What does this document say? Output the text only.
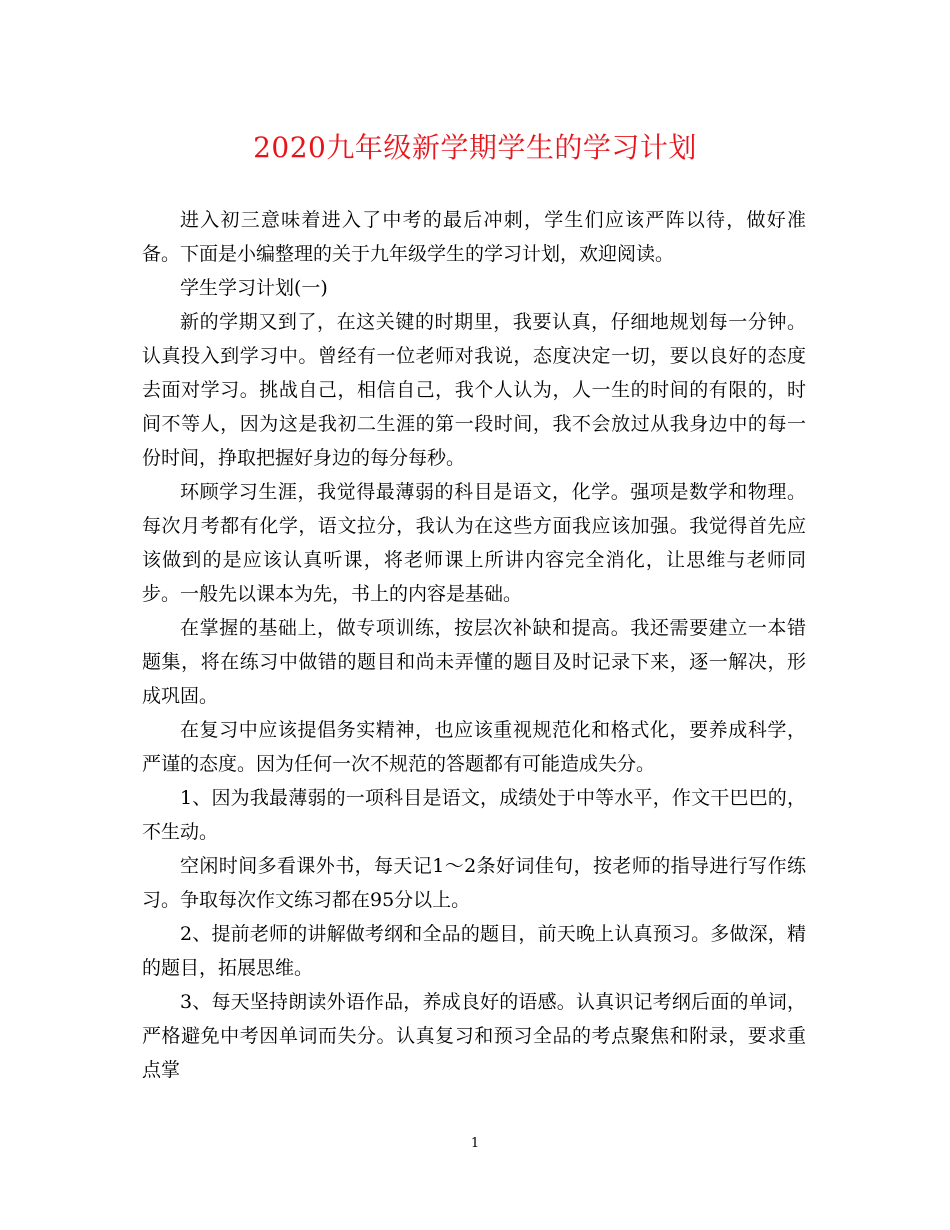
2020九年级新学期学生的学习计划

进入初三意味着进入了中考的最后冲刺，学生们应该严阵以待，做好准备。下面是小编整理的关于九年级学生的学习计划，欢迎阅读。

学生学习计划(一)

新的学期又到了，在这关键的时期里，我要认真，仔细地规划每一分钟。认真投入到学习中。曾经有一位老师对我说，态度决定一切，要以良好的态度去面对学习。挑战自己，相信自己，我个人认为，人一生的时间的有限的，时间不等人，因为这是我初二生涯的第一段时间，我不会放过从我身边中的每一份时间，挣取把握好身边的每分每秒。

环顾学习生涯，我觉得最薄弱的科目是语文，化学。强项是数学和物理。每次月考都有化学，语文拉分，我认为在这些方面我应该加强。我觉得首先应该做到的是应该认真听课，将老师课上所讲内容完全消化，让思维与老师同步。一般先以课本为先，书上的内容是基础。

在掌握的基础上，做专项训练，按层次补缺和提高。我还需要建立一本错题集，将在练习中做错的题目和尚未弄懂的题目及时记录下来，逐一解决，形成巩固。

在复习中应该提倡务实精神，也应该重视规范化和格式化，要养成科学，严谨的态度。因为任何一次不规范的答题都有可能造成失分。

1、因为我最薄弱的一项科目是语文，成绩处于中等水平，作文干巴巴的，不生动。

空闲时间多看课外书，每天记1～2条好词佳句，按老师的指导进行写作练习。争取每次作文练习都在95分以上。

2、提前老师的讲解做考纲和全品的题目，前天晚上认真预习。多做深，精的题目，拓展思维。

3、每天坚持朗读外语作品，养成良好的语感。认真识记考纲后面的单词，严格避免中考因单词而失分。认真复习和预习全品的考点聚焦和附录，要求重点掌

1
